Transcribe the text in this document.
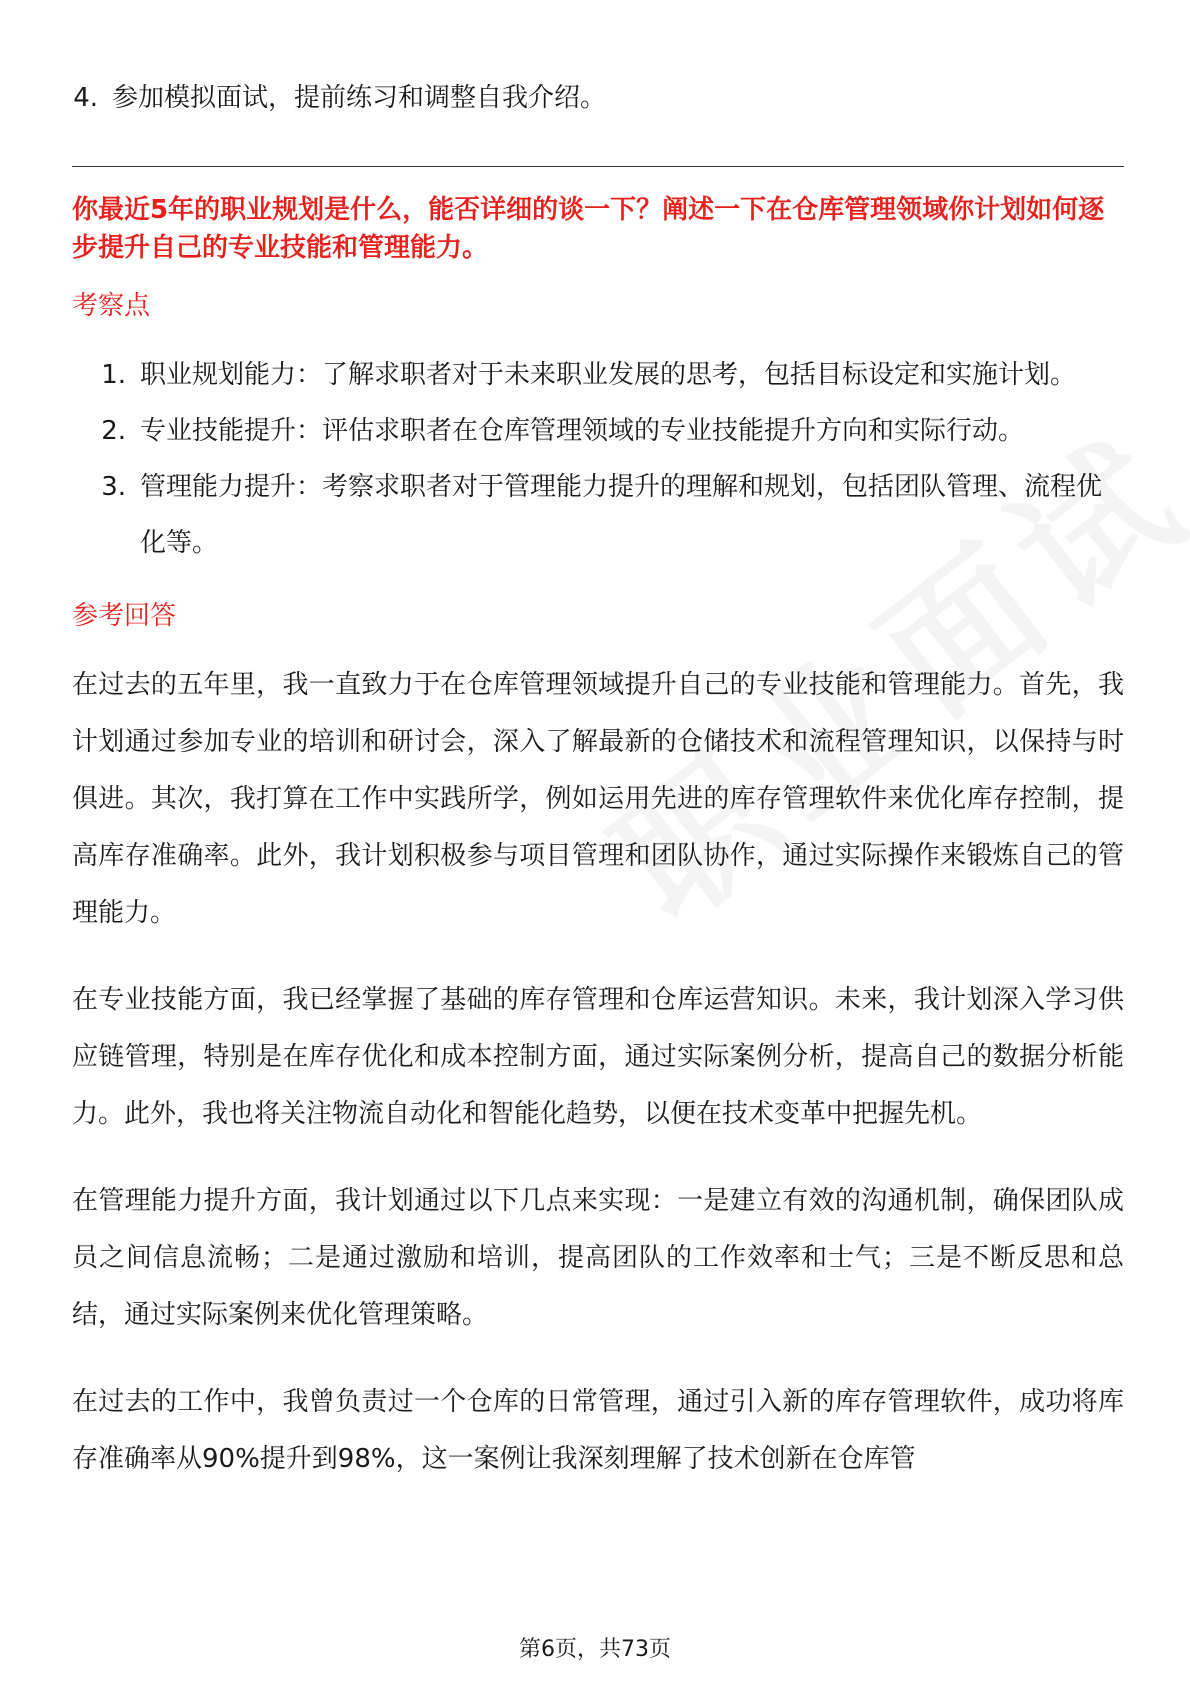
4. 参加模拟面试，提前练习和调整自我介绍。

你最近5年的职业规划是什么，能否详细的谈一下？阐述一下在仓库管理领域你计划如何逐步提升自己的专业技能和管理能力。

考察点
1. 职业规划能力：了解求职者对于未来职业发展的思考，包括目标设定和实施计划。
2. 专业技能提升：评估求职者在仓库管理领域的专业技能提升方向和实际行动。
3. 管理能力提升：考察求职者对于管理能力提升的理解和规划，包括团队管理、流程优化等。
参考回答

在过去的五年里，我一直致力于在仓库管理领域提升自己的专业技能和管理能力。首先，我计划通过参加专业的培训和研讨会，深入了解最新的仓储技术和流程管理知识，以保持与时俱进。其次，我打算在工作中实践所学，例如运用先进的库存管理软件来优化库存控制，提高库存准确率。此外，我计划积极参与项目管理和团队协作，通过实际操作来锻炼自己的管理能力。

在专业技能方面，我已经掌握了基础的库存管理和仓库运营知识。未来，我计划深入学习供应链管理，特别是在库存优化和成本控制方面，通过实际案例分析，提高自己的数据分析能力。此外，我也将关注物流自动化和智能化趋势，以便在技术变革中把握先机。

在管理能力提升方面，我计划通过以下几点来实现：一是建立有效的沟通机制，确保团队成员之间信息流畅；二是通过激励和培训，提高团队的工作效率和士气；三是不断反思和总结，通过实际案例来优化管理策略。

在过去的工作中，我曾负责过一个仓库的日常管理，通过引入新的库存管理软件，成功将库存准确率从90%提升到98%，这一案例让我深刻理解了技术创新在仓库管

第6页，共73页
